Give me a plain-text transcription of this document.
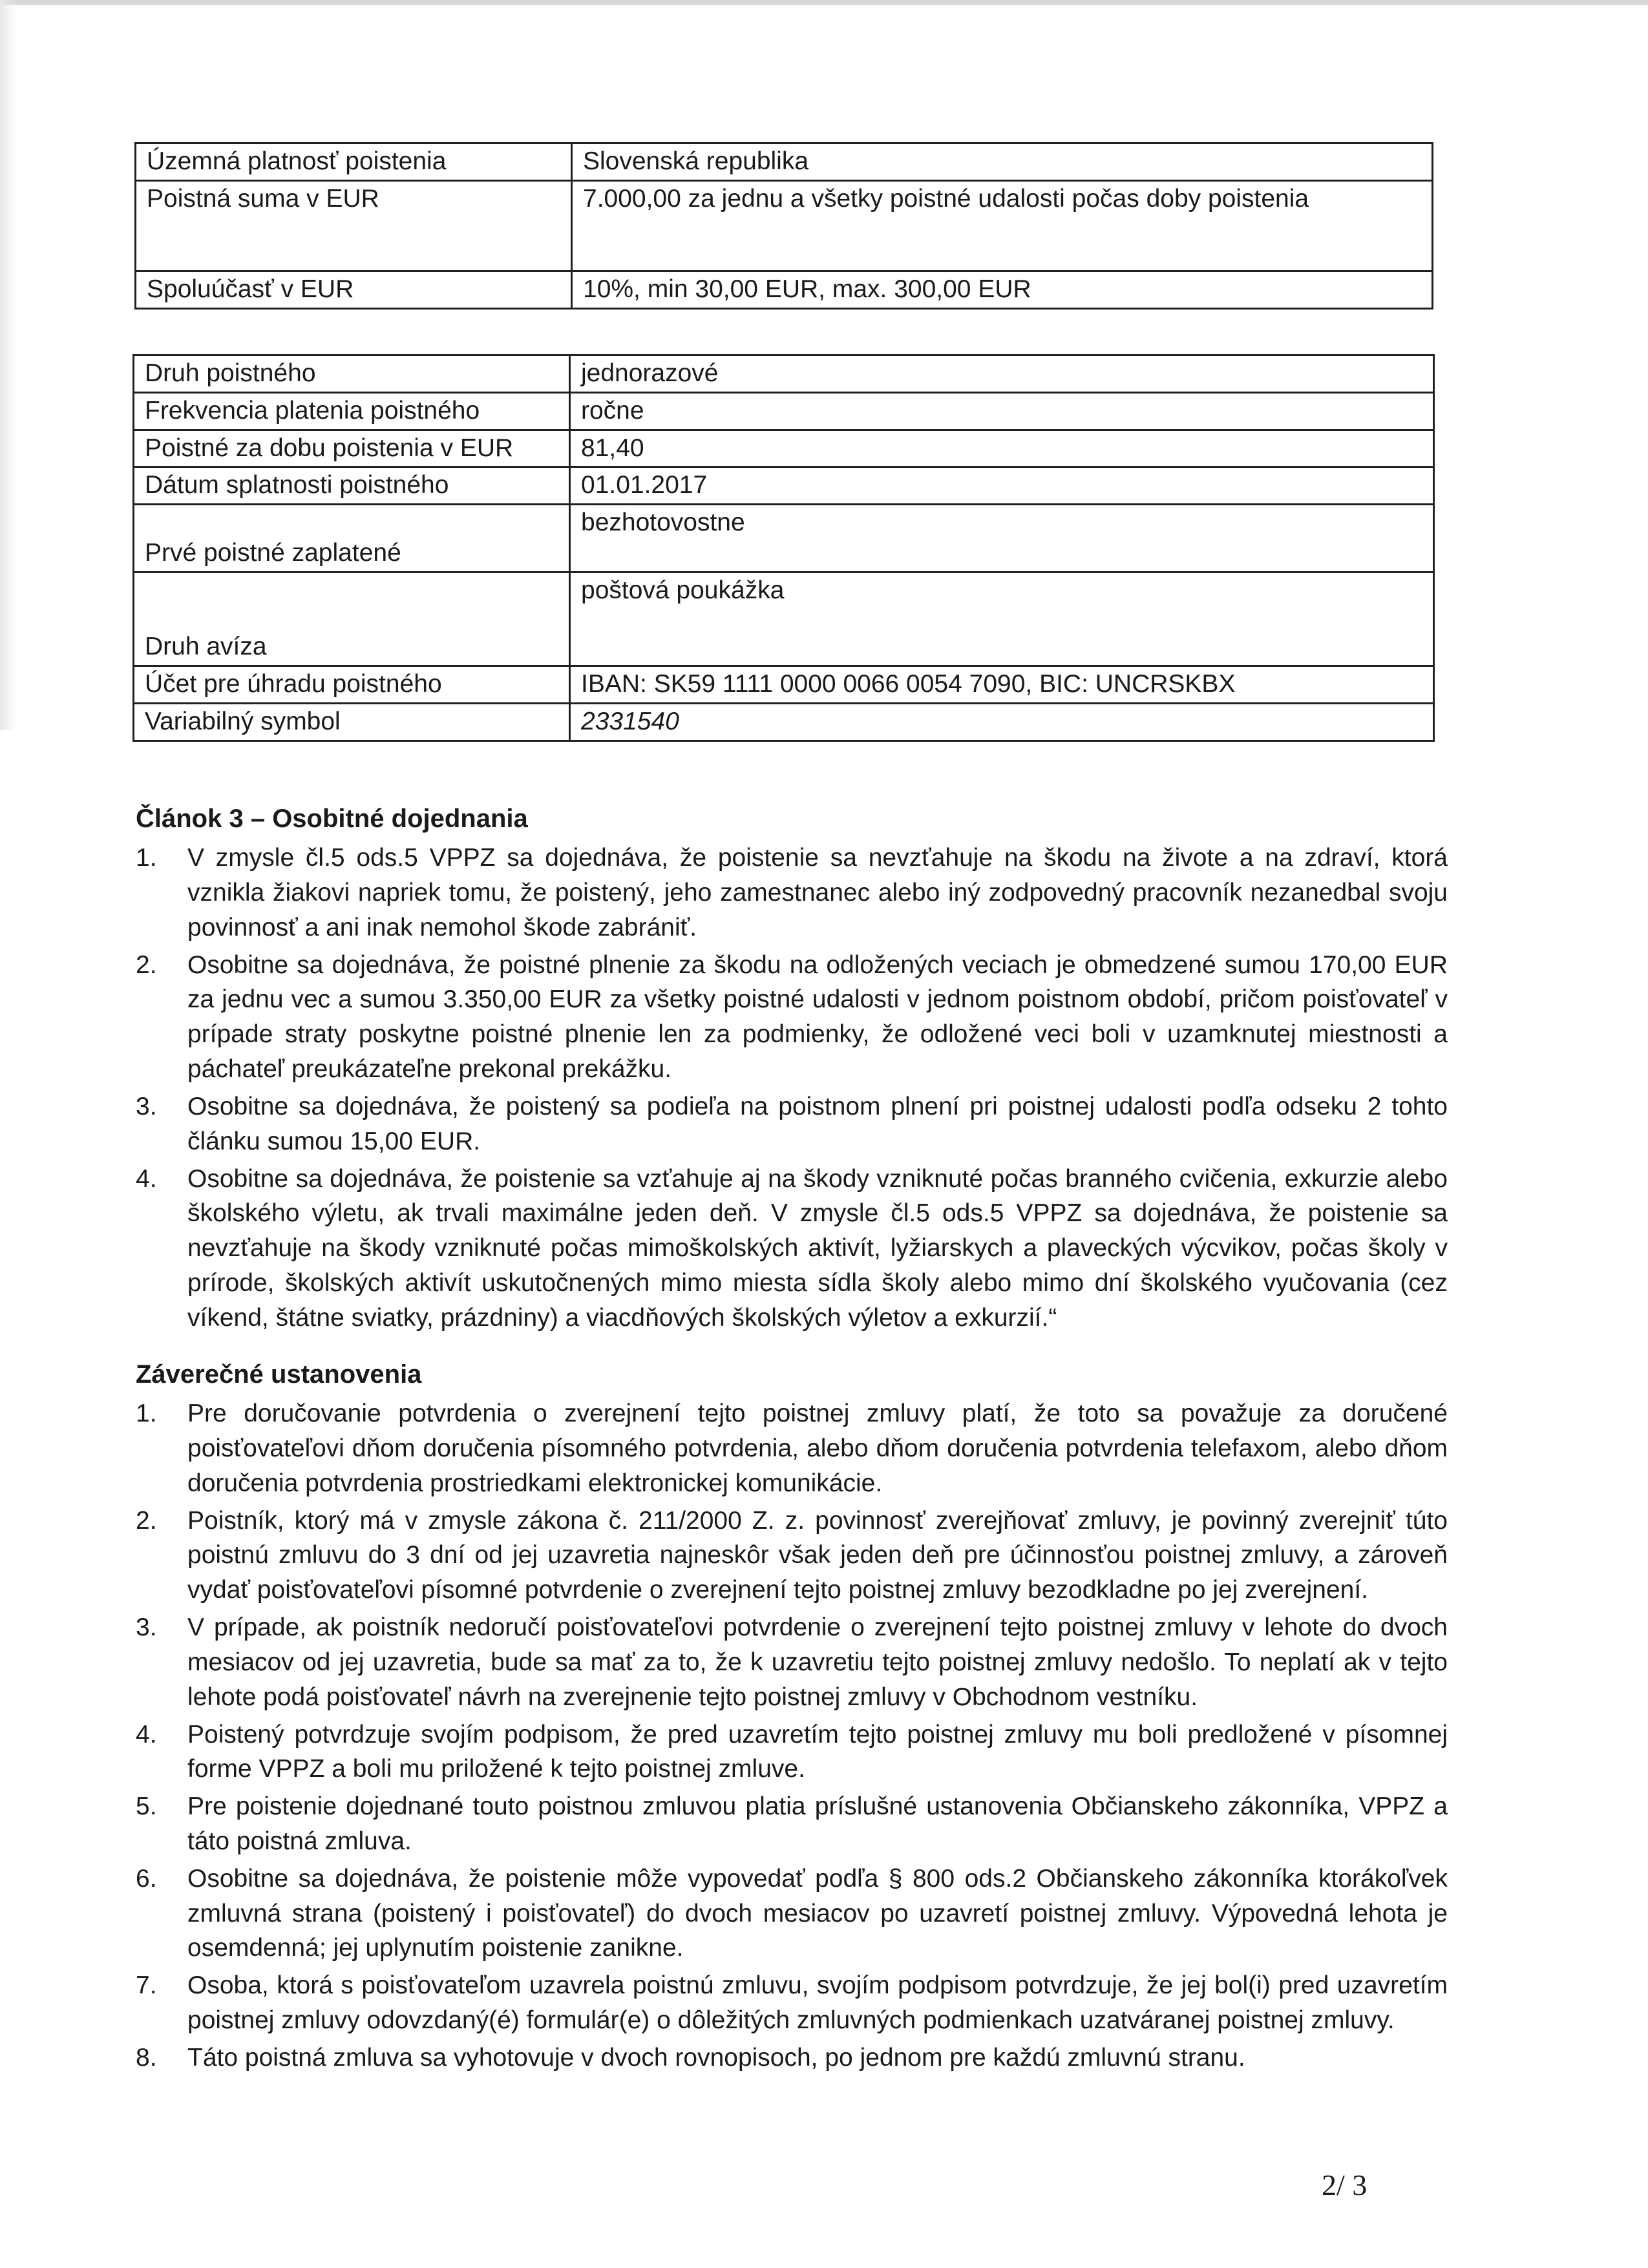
Územná platnosť poistenia	Slovenská republika
Poistná suma v EUR	7.000,00 za jednu a všetky poistné udalosti počas doby poistenia
Spoluúčasť v EUR	10%, min 30,00 EUR, max. 300,00 EUR
Druh poistného	jednorazové
Frekvencia platenia poistného	ročne
Poistné za dobu poistenia v EUR	81,40
Dátum splatnosti poistného	01.01.2017
Prvé poistné zaplatené	bezhotovostne
Druh avíza	poštová poukážka
Účet pre úhradu poistného	IBAN: SK59 1111 0000 0066 0054 7090, BIC: UNCRSKBX
Variabilný symbol	2331540
Článok 3 – Osobitné dojednania
1.	V zmysle čl.5 ods.5 VPPZ sa dojednáva, že poistenie sa nevzťahuje na škodu na živote a na zdraví, ktorá vznikla žiakovi napriek tomu, že poistený, jeho zamestnanec alebo iný zodpovedný pracovník nezanedbal svoju povinnosť a ani inak nemohol škode zabrániť.
2.	Osobitne sa dojednáva, že poistné plnenie za škodu na odložených veciach je obmedzené sumou 170,00 EUR za jednu vec a sumou 3.350,00 EUR za všetky poistné udalosti v jednom poistnom období, pričom poisťovateľ v prípade straty poskytne poistné plnenie len za podmienky, že odložené veci boli v uzamknutej miestnosti a páchateľ preukázateľne prekonal prekážku.
3.	Osobitne sa dojednáva, že poistený sa podieľa na poistnom plnení pri poistnej udalosti podľa odseku 2 tohto článku sumou 15,00 EUR.
4.	Osobitne sa dojednáva, že poistenie sa vzťahuje aj na škody vzniknuté počas branného cvičenia, exkurzie alebo školského výletu, ak trvali maximálne jeden deň. V zmysle čl.5 ods.5 VPPZ sa dojednáva, že poistenie sa nevzťahuje na škody vzniknuté počas mimoškolských aktivít, lyžiarskych a plaveckých výcvikov, počas školy v prírode, školských aktivít uskutočnených mimo miesta sídla školy alebo mimo dní školského vyučovania (cez víkend, štátne sviatky, prázdniny) a viacdňových školských výletov a exkurzií.“
Záverečné ustanovenia
1.	Pre doručovanie potvrdenia o zverejnení tejto poistnej zmluvy platí, že toto sa považuje za doručené poisťovateľovi dňom doručenia písomného potvrdenia, alebo dňom doručenia potvrdenia telefaxom, alebo dňom doručenia potvrdenia prostriedkami elektronickej komunikácie.
2.	Poistník, ktorý má v zmysle zákona č. 211/2000 Z. z. povinnosť zverejňovať zmluvy, je povinný zverejniť túto poistnú zmluvu do 3 dní od jej uzavretia najneskôr však jeden deň pre účinnosťou poistnej zmluvy, a zároveň vydať poisťovateľovi písomné potvrdenie o zverejnení tejto poistnej zmluvy bezodkladne po jej zverejnení.
3.	V prípade, ak poistník nedoručí poisťovateľovi potvrdenie o zverejnení tejto poistnej zmluvy v lehote do dvoch mesiacov od jej uzavretia, bude sa mať za to, že k uzavretiu tejto poistnej zmluvy nedošlo. To neplatí ak v tejto lehote podá poisťovateľ návrh na zverejnenie tejto poistnej zmluvy v Obchodnom vestníku.
4.	Poistený potvrdzuje svojím podpisom, že pred uzavretím tejto poistnej zmluvy mu boli predložené v písomnej forme VPPZ a boli mu priložené k tejto poistnej zmluve.
5.	Pre poistenie dojednané touto poistnou zmluvou platia príslušné ustanovenia Občianskeho zákonníka, VPPZ a táto poistná zmluva.
6.	Osobitne sa dojednáva, že poistenie môže vypovedať podľa § 800 ods.2 Občianskeho zákonníka ktorákoľvek zmluvná strana (poistený i poisťovateľ) do dvoch mesiacov po uzavretí poistnej zmluvy. Výpovedná lehota je osemdenná; jej uplynutím poistenie zanikne.
7.	Osoba, ktorá s poisťovateľom uzavrela poistnú zmluvu, svojím podpisom potvrdzuje, že jej bol(i) pred uzavretím poistnej zmluvy odovzdaný(é) formulár(e) o dôležitých zmluvných podmienkach uzatváranej poistnej zmluvy.
8.	Táto poistná zmluva sa vyhotovuje v dvoch rovnopisoch, po jednom pre každú zmluvnú stranu.
2/ 3
